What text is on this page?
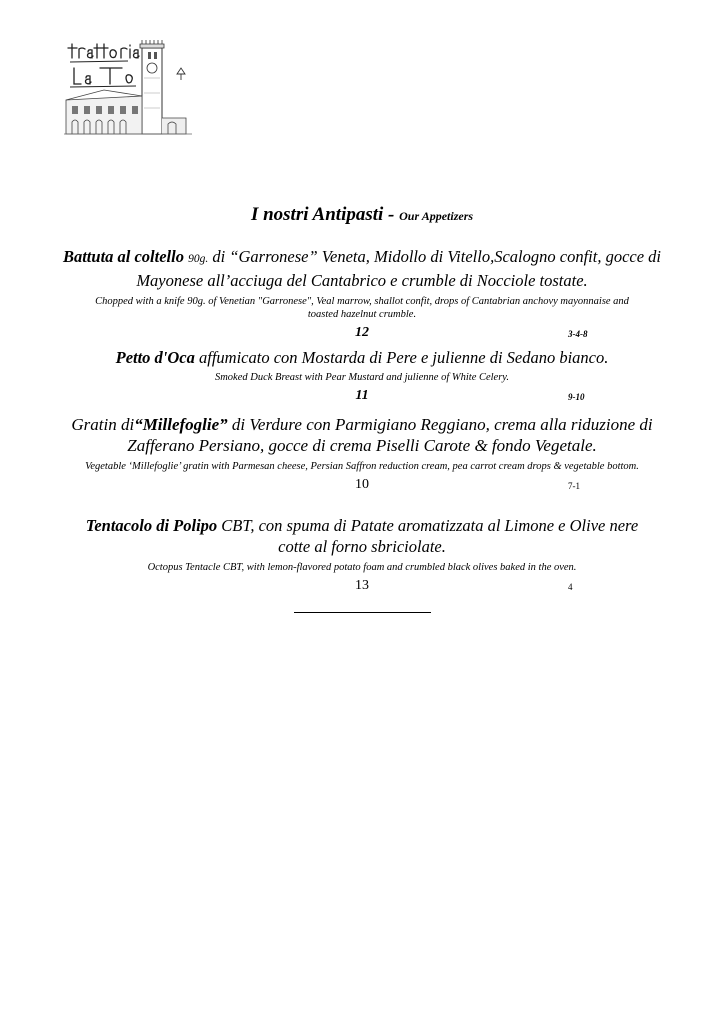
I nostri Antipasti - Our Appetizers
Battuta al coltello 90g. di “Garronese” Veneta, Midollo di Vitello,Scalogno confit, gocce di Mayonese all’acciuga del Cantabrico e crumble di Nocciole tostate.
Chopped with a knife 90g. of Venetian "Garronese", Veal marrow, shallot confit, drops of Cantabrian anchovy mayonnaise and toasted hazelnut crumble.
12	3-4-8
Petto d'Oca affumicato con Mostarda di Pere e julienne di Sedano bianco.
Smoked Duck Breast with Pear Mustard and julienne of White Celery.
11	9-10
Gratin di“Millefoglie” di Verdure con Parmigiano Reggiano, crema alla riduzione di Zafferano Persiano, gocce di crema Piselli Carote & fondo Vegetale.
Vegetable ‘Millefoglie’ gratin with Parmesan cheese, Persian Saffron reduction cream, pea carrot cream drops & vegetable bottom.
10	7-1
Tentacolo di Polipo CBT, con spuma di Patate aromatizzata al Limone e Olive nere cotte al forno sbriciolate.
Octopus Tentacle CBT, with lemon-flavored potato foam and crumbled black olives baked in the oven.
13	4
